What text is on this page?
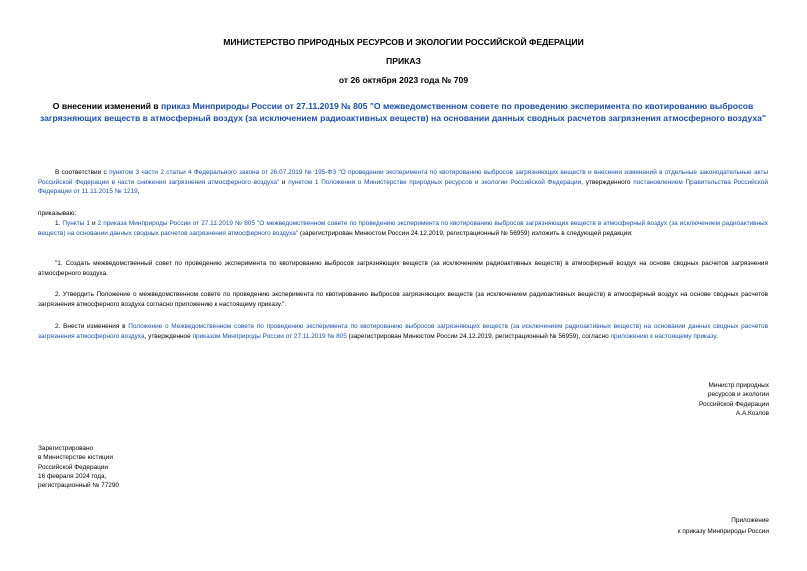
МИНИСТЕРСТВО ПРИРОДНЫХ РЕСУРСОВ И ЭКОЛОГИИ РОССИЙСКОЙ ФЕДЕРАЦИИ
ПРИКАЗ
от 26 октября 2023 года № 709
О внесении изменений в приказ Минприроды России от 27.11.2019 № 805 "О межведомственном совете по проведению эксперимента по квотированию выбросов загрязняющих веществ в атмосферный воздух (за исключением радиоактивных веществ) на основании данных сводных расчетов загрязнения атмосферного воздуха"
В соответствии с пунктом 3 части 2 статьи 4 Федерального закона от 26.07.2019 № 195-ФЗ "О проведении эксперимента по квотированию выбросов загрязняющих веществ и внесении изменений в отдельные законодательные акты Российской Федерации в части снижения загрязнения атмосферного воздуха" и пунктом 1 Положения о Министерстве природных ресурсов и экологии Российской Федерации, утвержденного постановлением Правительства Российской Федерации от 11.11.2015 № 1219,
приказываю:
1. Пункты 1 и 2 приказа Минприроды России от 27.11.2019 № 805 "О межведомственном совете по проведению эксперимента по квотированию выбросов загрязняющих веществ в атмосферный воздух (за исключением радиоактивных веществ) на основании данных сводных расчетов загрязнения атмосферного воздуха" (зарегистрирован Минюстом России 24.12.2019, регистрационный № 56959) изложить в следующей редакции:
"1. Создать межведомственный совет по проведению эксперимента по квотированию выбросов загрязняющих веществ (за исключением радиоактивных веществ) в атмосферный воздух на основе сводных расчетов загрязнения атмосферного воздуха.
2. Утвердить Положение о межведомственном совете по проведению эксперимента по квотированию выбросов загрязняющих веществ (за исключением радиоактивных веществ) в атмосферный воздух на основе сводных расчетов загрязнения атмосферного воздуха согласно приложению к настоящему приказу.".
2. Внести изменения в Положение о Межведомственном совете по проведению эксперимента по квотированию выбросов загрязняющих веществ (за исключением радиоактивных веществ) на основании данных сводных расчетов загрязнения атмосферного воздуха, утвержденное приказом Минприроды России от 27.11.2019 № 805 (зарегистрирован Минюстом России 24.12.2019, регистрационный № 56959), согласно приложению к настоящему приказу.
Министр природных
ресурсов и экологии
Российской Федерации
А.А.Козлов
Зарегистрировано
в Министерстве юстиции
Российской Федерации
16 февраля 2024 года,
регистрационный № 77290
Приложение
к приказу Минприроды России
